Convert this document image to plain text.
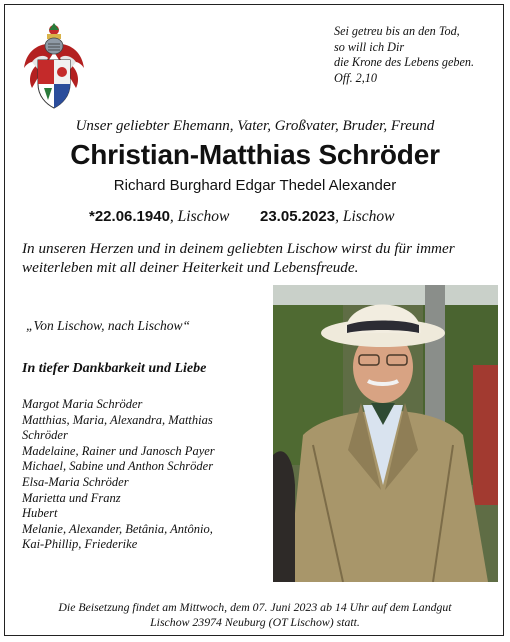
Sei getreu bis an den Tod,
so will ich Dir
die Krone des Lebens geben.
Off. 2,10
Unser geliebter Ehemann, Vater, Großvater, Bruder, Freund
Christian-Matthias Schröder
Richard Burghard Edgar Thedel Alexander
*22.06.1940, Lischow 23.05.2023, Lischow
In unseren Herzen und in deinem geliebten Lischow wirst du für immer
weiterleben mit all deiner Heiterkeit und Lebensfreude.
„Von Lischow, nach Lischow“
In tiefer Dankbarkeit und Liebe
Margot Maria Schröder
Matthias, Maria, Alexandra, Matthias
Schröder
Madelaine, Rainer und Janosch Payer
Michael, Sabine und Anthon Schröder
Elsa-Maria Schröder
Marietta und Franz
Hubert
Melanie, Alexander, Betânia, Antônio,
Kai-Phillip, Friederike
Die Beisetzung findet am Mittwoch, dem 07. Juni 2023 ab 14 Uhr auf dem Landgut
Lischow 23974 Neuburg (OT Lischow) statt.
